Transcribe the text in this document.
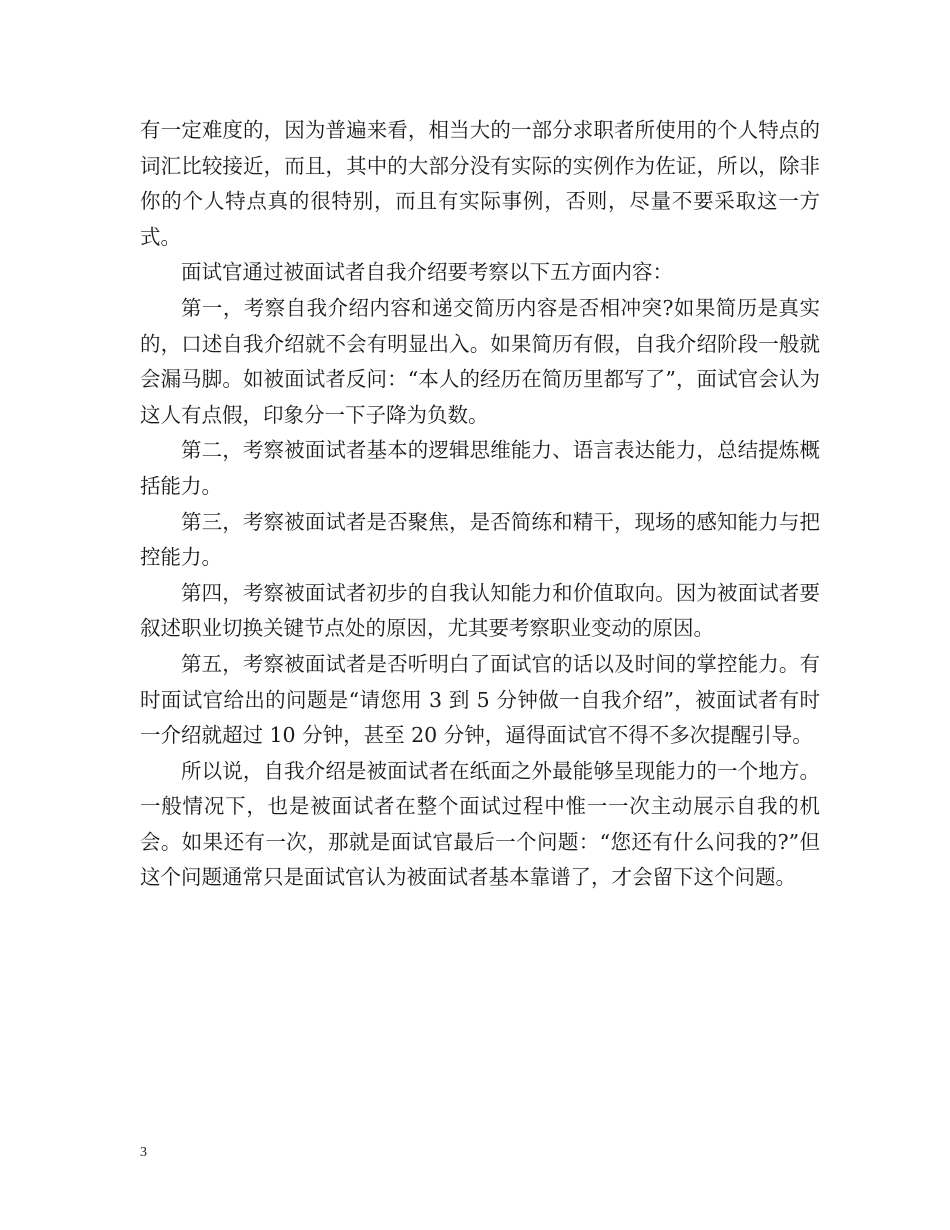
有一定难度的，因为普遍来看，相当大的一部分求职者所使用的个人特点的词汇比较接近，而且，其中的大部分没有实际的实例作为佐证，所以，除非你的个人特点真的很特别，而且有实际事例，否则，尽量不要采取这一方式。

面试官通过被面试者自我介绍要考察以下五方面内容：

第一，考察自我介绍内容和递交简历内容是否相冲突?如果简历是真实的，口述自我介绍就不会有明显出入。如果简历有假，自我介绍阶段一般就会漏马脚。如被面试者反问：“本人的经历在简历里都写了”，面试官会认为这人有点假，印象分一下子降为负数。

第二，考察被面试者基本的逻辑思维能力、语言表达能力，总结提炼概括能力。

第三，考察被面试者是否聚焦，是否简练和精干，现场的感知能力与把控能力。

第四，考察被面试者初步的自我认知能力和价值取向。因为被面试者要叙述职业切换关键节点处的原因，尤其要考察职业变动的原因。

第五，考察被面试者是否听明白了面试官的话以及时间的掌控能力。有时面试官给出的问题是“请您用 3 到 5 分钟做一自我介绍”，被面试者有时一介绍就超过 10 分钟，甚至 20 分钟，逼得面试官不得不多次提醒引导。

所以说，自我介绍是被面试者在纸面之外最能够呈现能力的一个地方。一般情况下，也是被面试者在整个面试过程中惟一一次主动展示自我的机会。如果还有一次，那就是面试官最后一个问题：“您还有什么问我的?”但这个问题通常只是面试官认为被面试者基本靠谱了，才会留下这个问题。

3
